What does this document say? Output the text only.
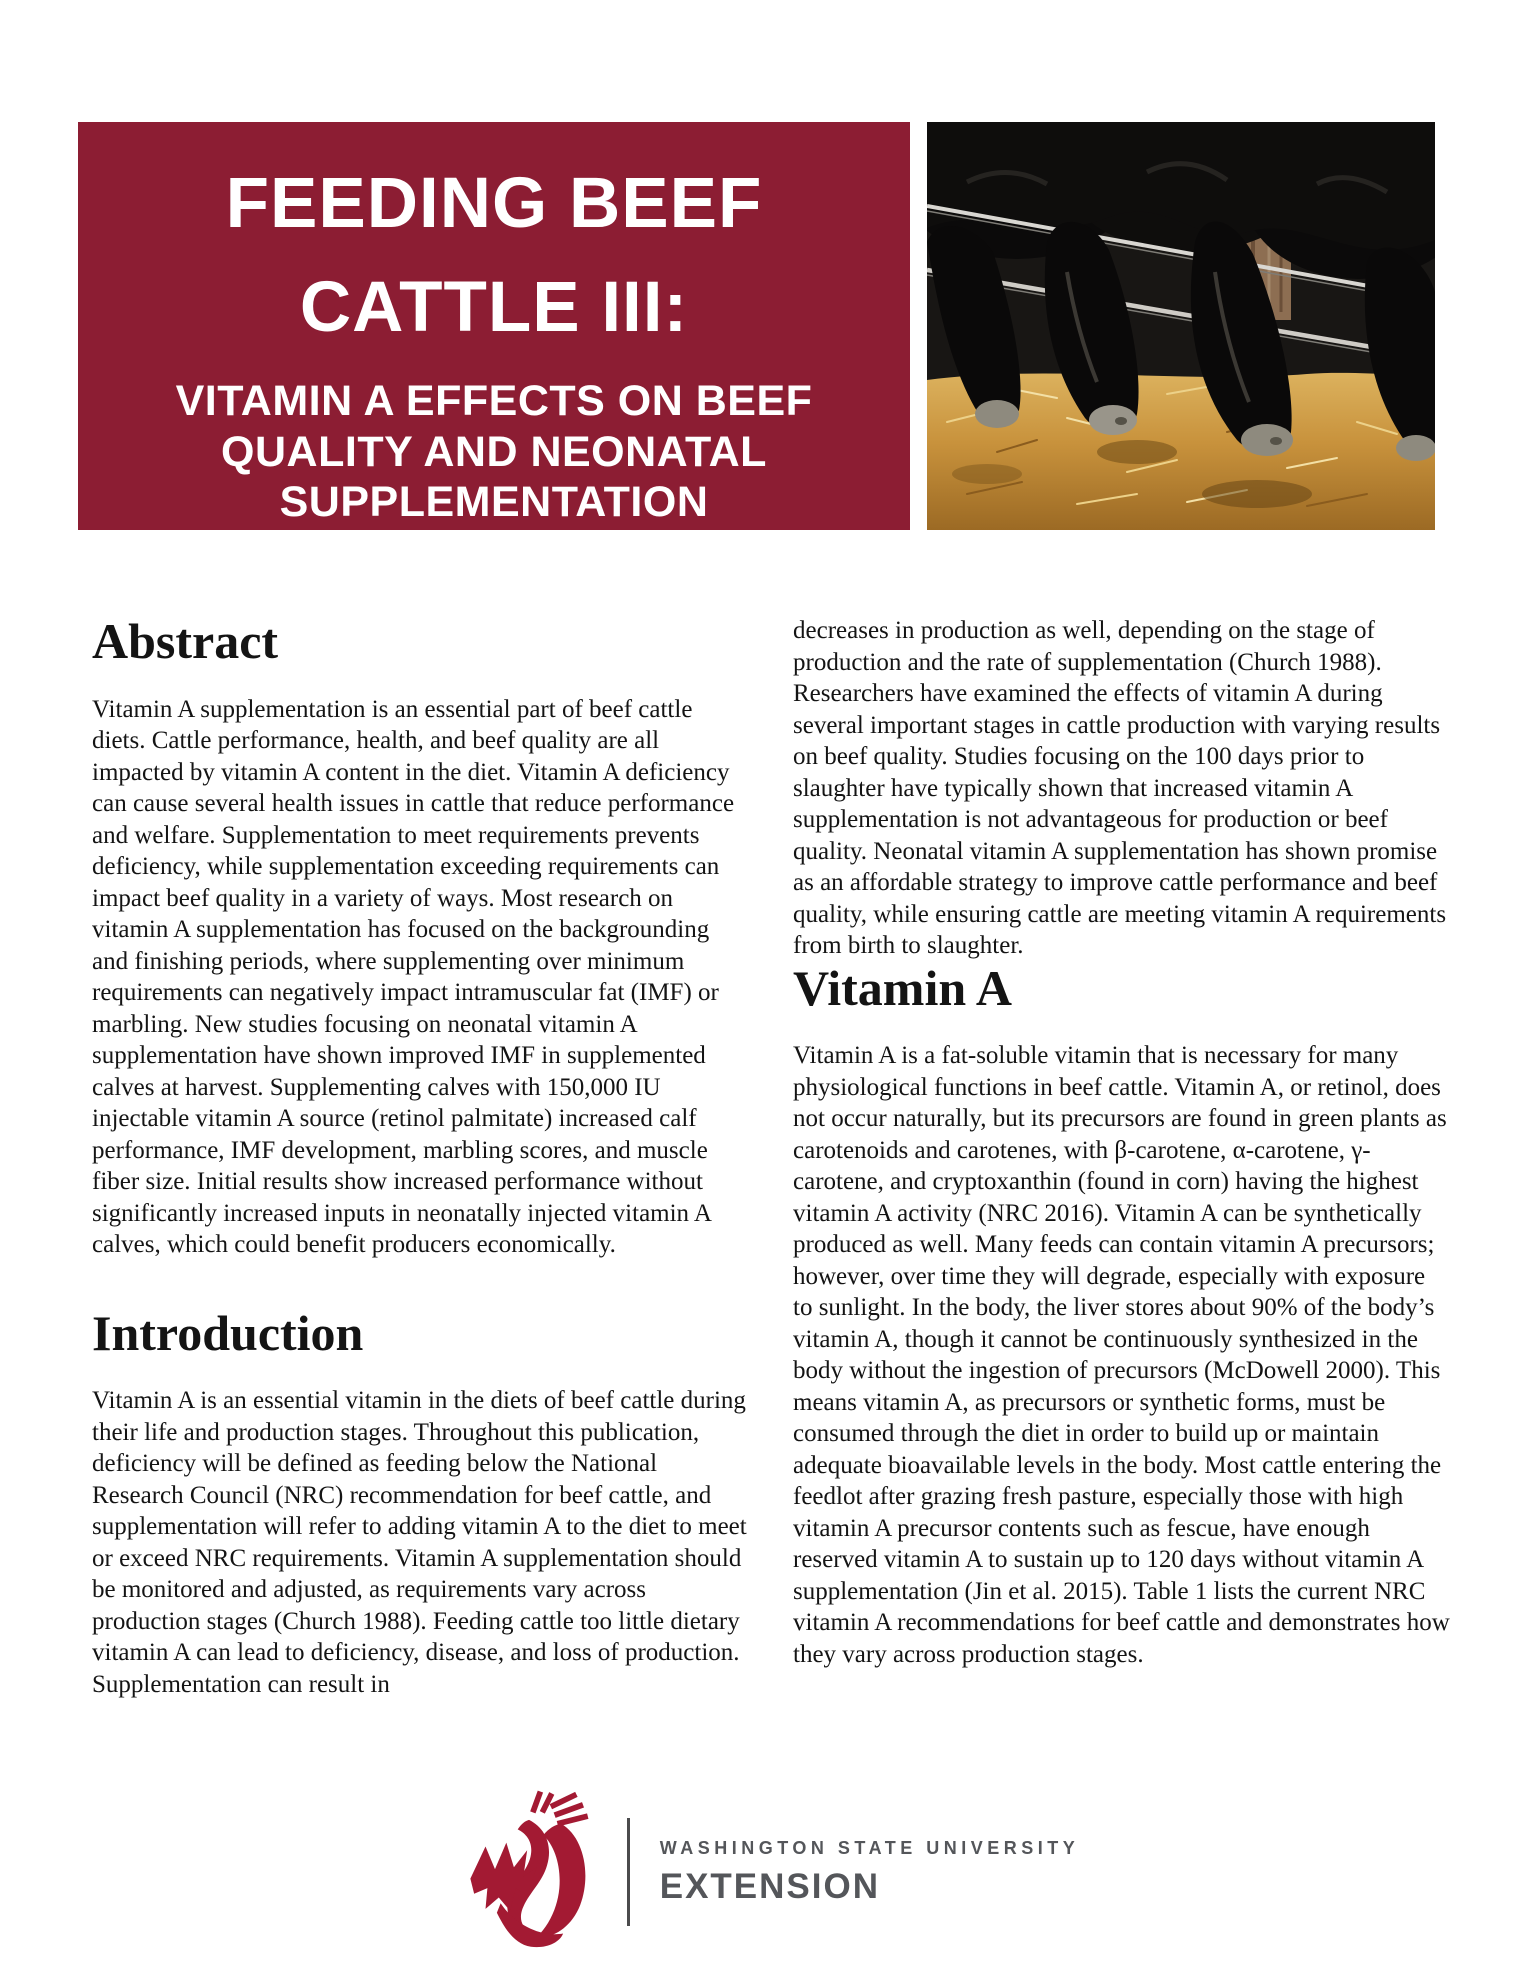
FEEDING BEEF
CATTLE III:
VITAMIN A EFFECTS ON BEEF
QUALITY AND NEONATAL
SUPPLEMENTATION
Abstract

Vitamin A supplementation is an essential part of beef cattle diets. Cattle performance, health, and beef quality are all impacted by vitamin A content in the diet. Vitamin A deficiency can cause several health issues in cattle that reduce performance and welfare. Supplementation to meet requirements prevents deficiency, while supplementation exceeding requirements can impact beef quality in a variety of ways. Most research on vitamin A supplementation has focused on the backgrounding and finishing periods, where supplementing over minimum requirements can negatively impact intramuscular fat (IMF) or marbling. New studies focusing on neonatal vitamin A supplementation have shown improved IMF in supplemented calves at harvest. Supplementing calves with 150,000 IU injectable vitamin A source (retinol palmitate) increased calf performance, IMF development, marbling scores, and muscle fiber size. Initial results show increased performance without significantly increased inputs in neonatally injected vitamin A calves, which could benefit producers economically.

Introduction

Vitamin A is an essential vitamin in the diets of beef cattle during their life and production stages. Throughout this publication, deficiency will be defined as feeding below the National Research Council (NRC) recommendation for beef cattle, and supplementation will refer to adding vitamin A to the diet to meet or exceed NRC requirements. Vitamin A supplementation should be monitored and adjusted, as requirements vary across production stages (Church 1988). Feeding cattle too little dietary vitamin A can lead to deficiency, disease, and loss of production. Supplementation can result in

decreases in production as well, depending on the stage of production and the rate of supplementation (Church 1988). Researchers have examined the effects of vitamin A during several important stages in cattle production with varying results on beef quality. Studies focusing on the 100 days prior to slaughter have typically shown that increased vitamin A supplementation is not advantageous for production or beef quality. Neonatal vitamin A supplementation has shown promise as an affordable strategy to improve cattle performance and beef quality, while ensuring cattle are meeting vitamin A requirements from birth to slaughter.

Vitamin A

Vitamin A is a fat-soluble vitamin that is necessary for many physiological functions in beef cattle. Vitamin A, or retinol, does not occur naturally, but its precursors are found in green plants as carotenoids and carotenes, with β-carotene, α-carotene, γ-carotene, and cryptoxanthin (found in corn) having the highest vitamin A activity (NRC 2016). Vitamin A can be synthetically produced as well. Many feeds can contain vitamin A precursors; however, over time they will degrade, especially with exposure to sunlight. In the body, the liver stores about 90% of the body’s vitamin A, though it cannot be continuously synthesized in the body without the ingestion of precursors (McDowell 2000). This means vitamin A, as precursors or synthetic forms, must be consumed through the diet in order to build up or maintain adequate bioavailable levels in the body. Most cattle entering the feedlot after grazing fresh pasture, especially those with high vitamin A precursor contents such as fescue, have enough reserved vitamin A to sustain up to 120 days without vitamin A supplementation (Jin et al. 2015). Table 1 lists the current NRC vitamin A recommendations for beef cattle and demonstrates how they vary across production stages.

WASHINGTON STATE UNIVERSITY
EXTENSION
